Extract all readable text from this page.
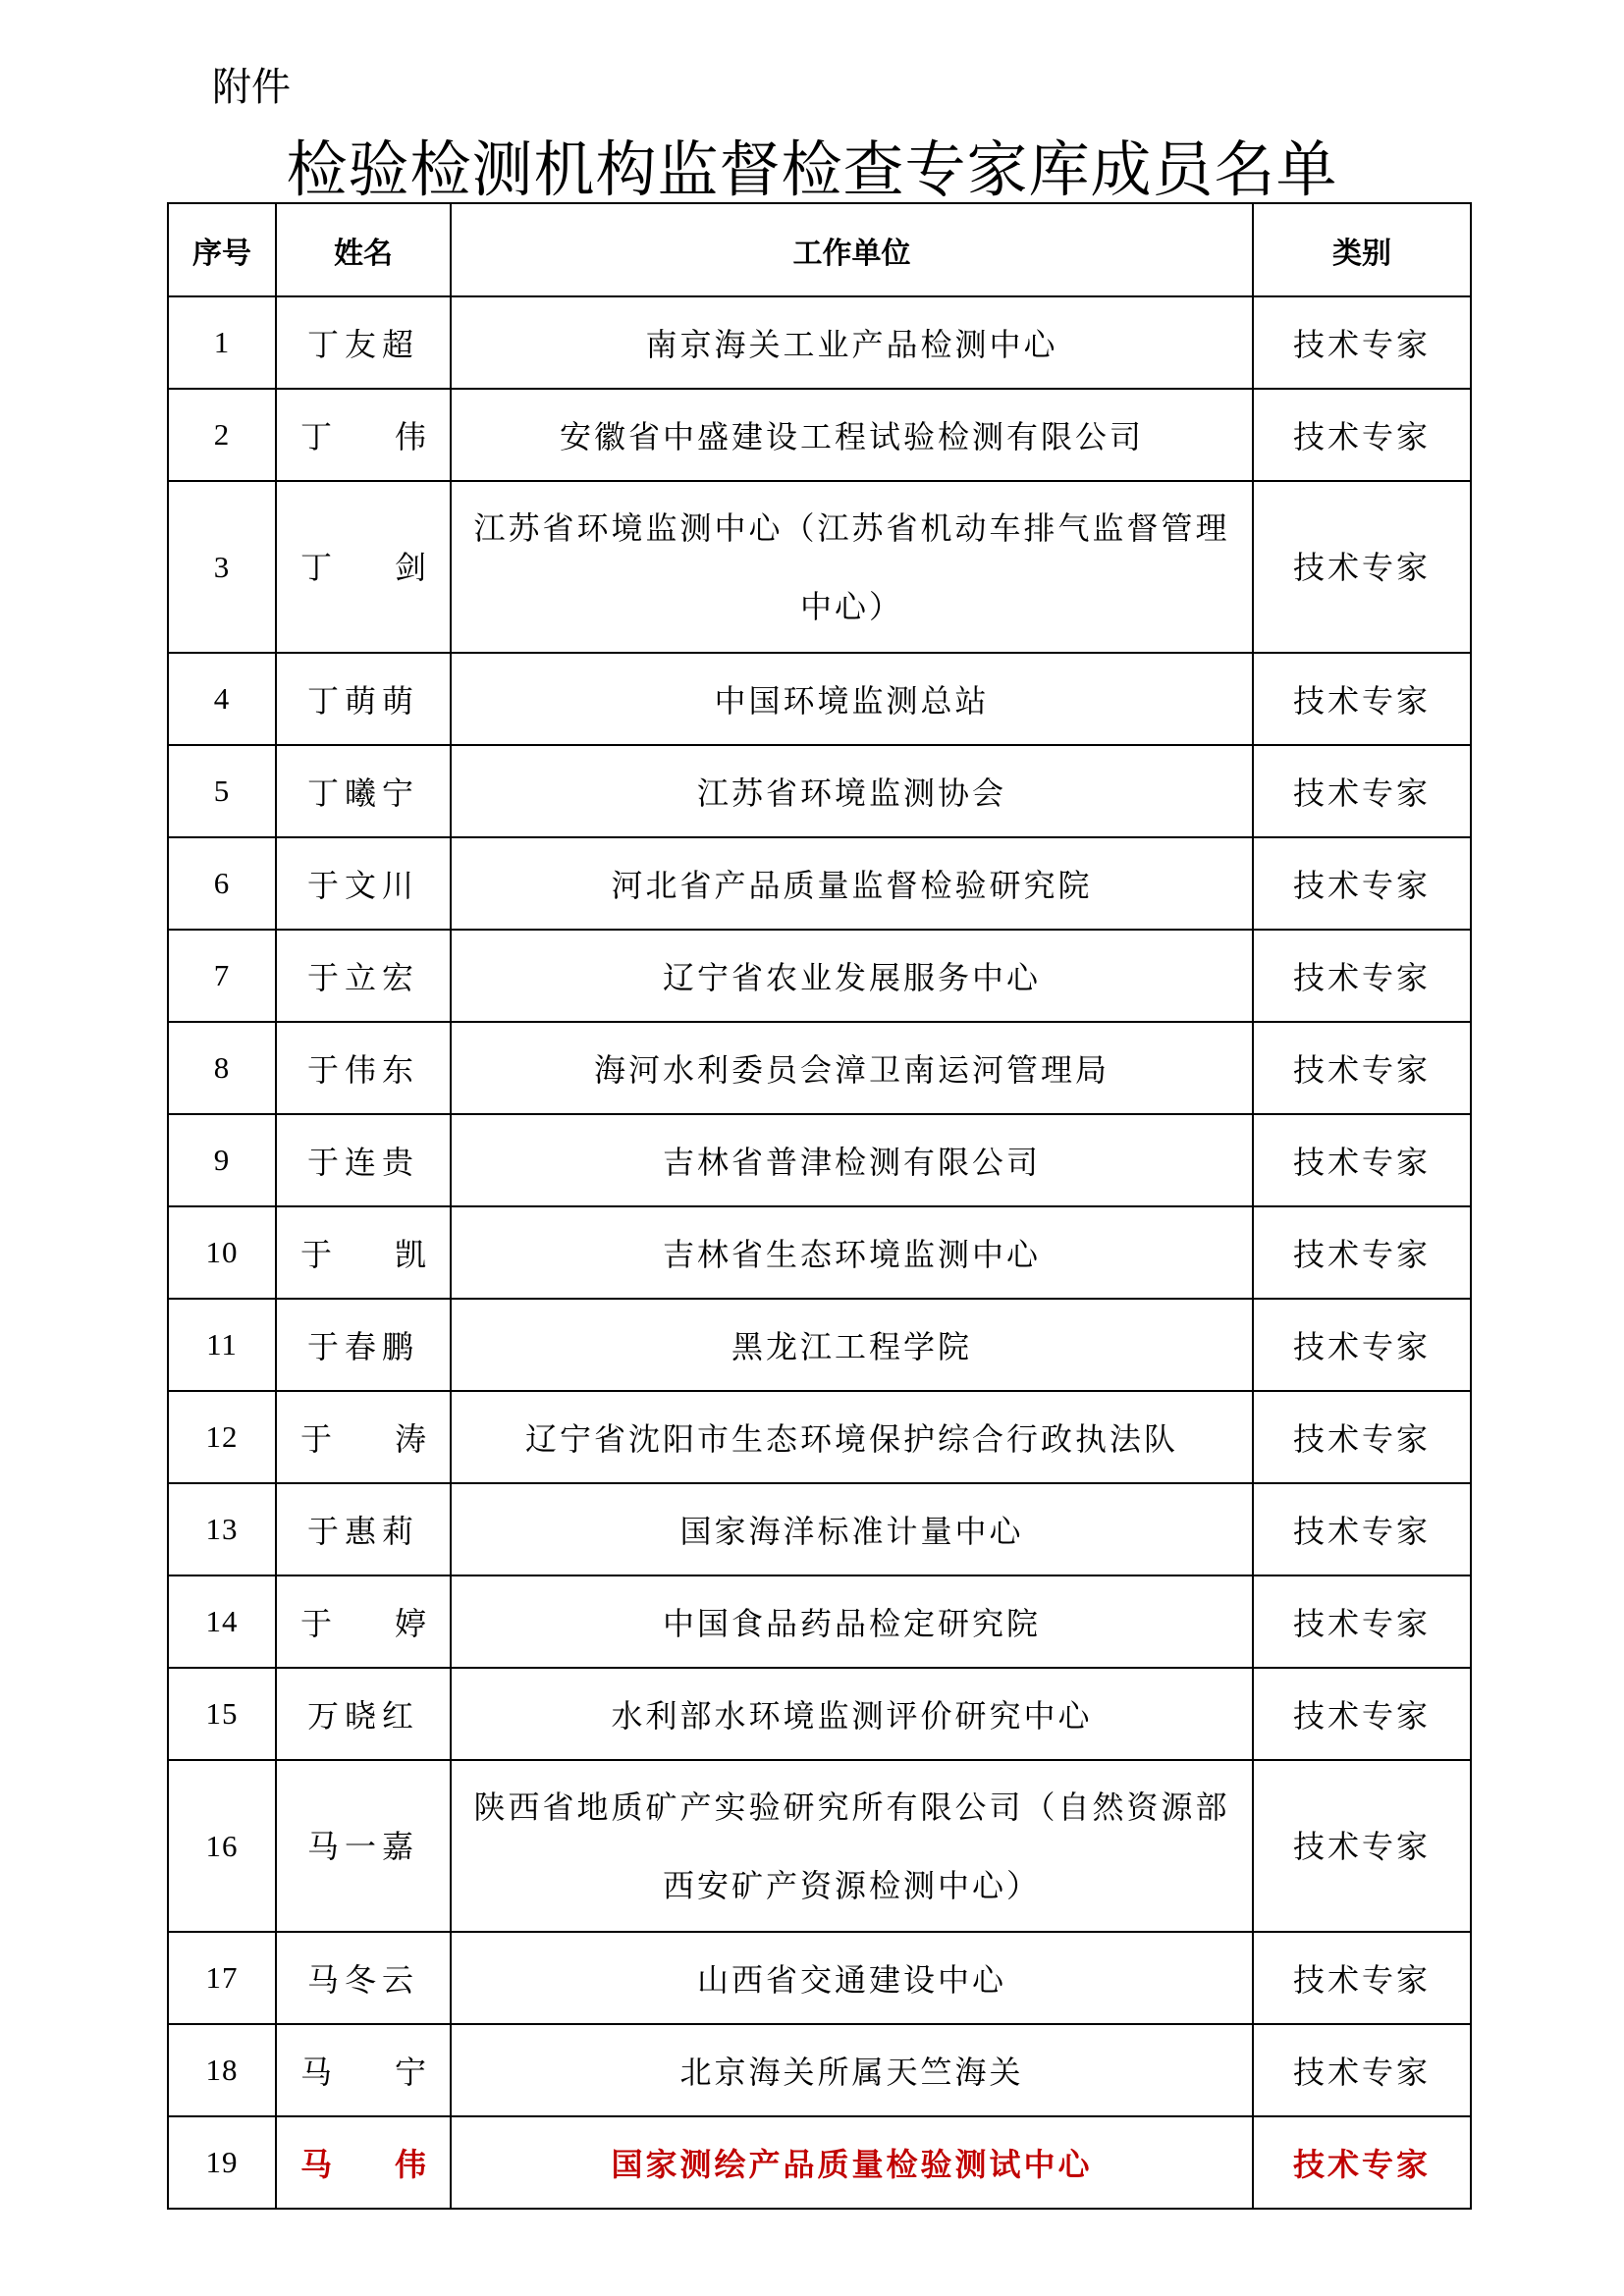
附件
检验检测机构监督检查专家库成员名单
序号	姓名	工作单位	类别
1	丁友超	南京海关工业产品检测中心	技术专家
2	丁 伟	安徽省中盛建设工程试验检测有限公司	技术专家
3	丁 剑	江苏省环境监测中心（江苏省机动车排气监督管理中心）	技术专家
4	丁萌萌	中国环境监测总站	技术专家
5	丁曦宁	江苏省环境监测协会	技术专家
6	于文川	河北省产品质量监督检验研究院	技术专家
7	于立宏	辽宁省农业发展服务中心	技术专家
8	于伟东	海河水利委员会漳卫南运河管理局	技术专家
9	于连贵	吉林省普津检测有限公司	技术专家
10	于 凯	吉林省生态环境监测中心	技术专家
11	于春鹏	黑龙江工程学院	技术专家
12	于 涛	辽宁省沈阳市生态环境保护综合行政执法队	技术专家
13	于惠莉	国家海洋标准计量中心	技术专家
14	于 婷	中国食品药品检定研究院	技术专家
15	万晓红	水利部水环境监测评价研究中心	技术专家
16	马一嘉	陕西省地质矿产实验研究所有限公司（自然资源部西安矿产资源检测中心）	技术专家
17	马冬云	山西省交通建设中心	技术专家
18	马 宁	北京海关所属天竺海关	技术专家
19	马 伟	国家测绘产品质量检验测试中心	技术专家
